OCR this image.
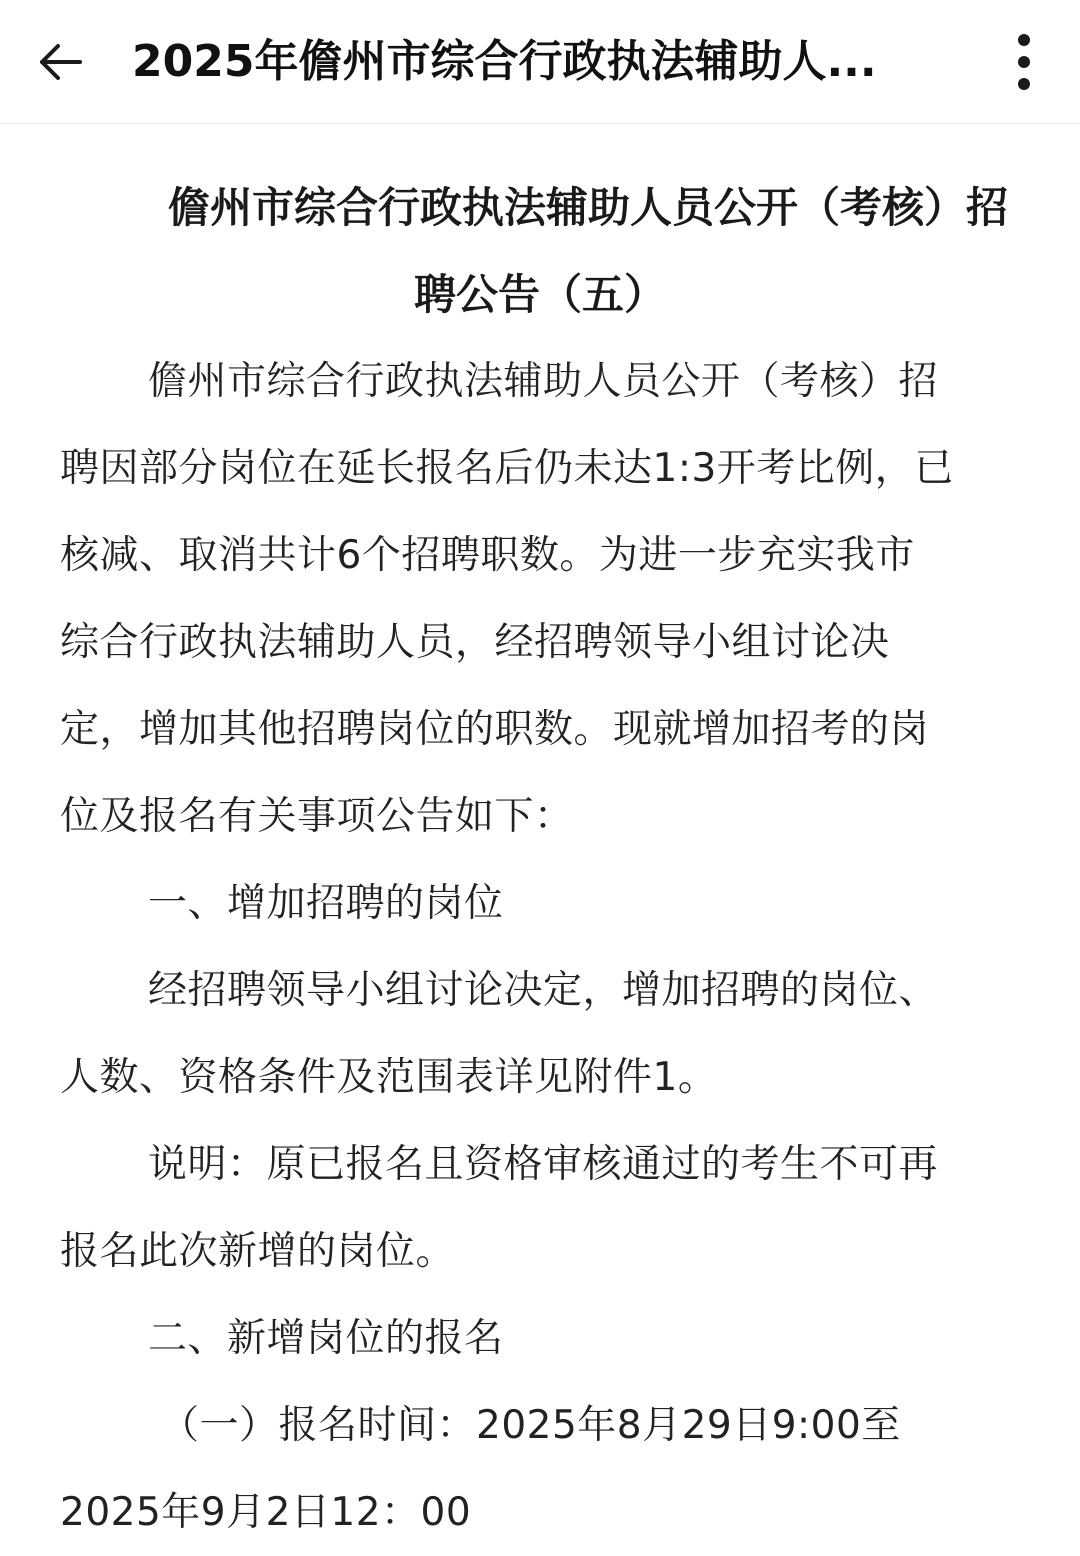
2025年儋州市综合行政执法辅助人...
儋州市综合行政执法辅助人员公开（考核）招
聘公告（五）

儋州市综合行政执法辅助人员公开（考核）招
聘因部分岗位在延长报名后仍未达1:3开考比例，已
核减、取消共计6个招聘职数。为进一步充实我市
综合行政执法辅助人员，经招聘领导小组讨论决
定，增加其他招聘岗位的职数。现就增加招考的岗
位及报名有关事项公告如下：

一、增加招聘的岗位

经招聘领导小组讨论决定，增加招聘的岗位、
人数、资格条件及范围表详见附件1。

说明：原已报名且资格审核通过的考生不可再
报名此次新增的岗位。

二、新增岗位的报名

（一）报名时间：2025年8月29日9:00至
2025年9月2日12：00
